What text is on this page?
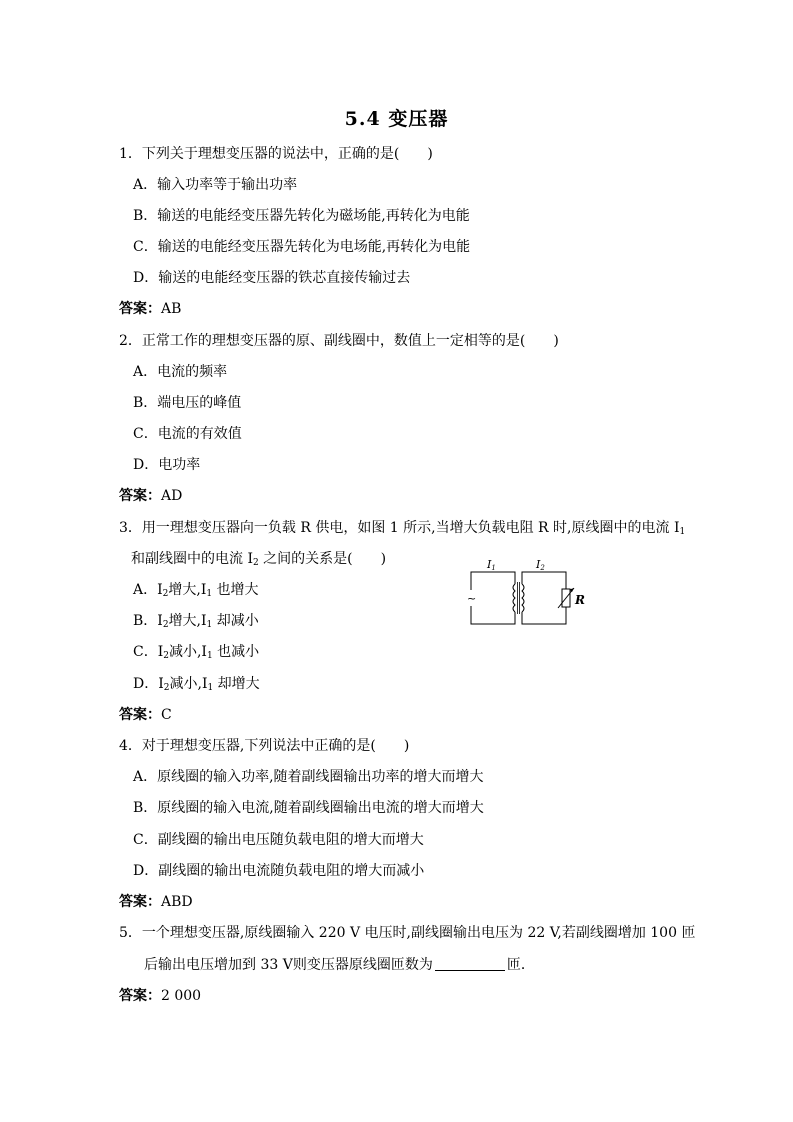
5.4 变压器
1．下列关于理想变压器的说法中，正确的是(　　)
A．输入功率等于输出功率
B．输送的电能经变压器先转化为磁场能,再转化为电能
C．输送的电能经变压器先转化为电场能,再转化为电能
D．输送的电能经变压器的铁芯直接传输过去
答案：AB
2．正常工作的理想变压器的原、副线圈中，数值上一定相等的是(　　)
A．电流的频率
B．端电压的峰值
C．电流的有效值
D．电功率
答案：AD
3．用一理想变压器向一负载 R 供电，如图 1 所示,当增大负载电阻 R 时,原线圈中的电流 $I_1$
和副线圈中的电流 $I_2$ 之间的关系是(　　)
A．$I_2$增大$,I_1$ 也增大
B．$I_2$增大$,I_1$ 却减小
C．$I_2$减小$,I_1$ 也减小
D．$I_2$减小$,I_1$ 却增大
答案：C
~	R
I1	I2
4．对于理想变压器,下列说法中正确的是(　　)
A．原线圈的输入功率,随着副线圈输出功率的增大而增大
B．原线圈的输入电流,随着副线圈输出电流的增大而增大
C．副线圈的输出电压随负载电阻的增大而增大
D．副线圈的输出电流随负载电阻的增大而减小
答案：ABD
5．一个理想变压器,原线圈输入 220 V 电压时,副线圈输出电压为 22 V,若副线圈增加 100 匝
后输出电压增加到 33 V则变压器原线圈匝数为	匝．
答案：2 000
